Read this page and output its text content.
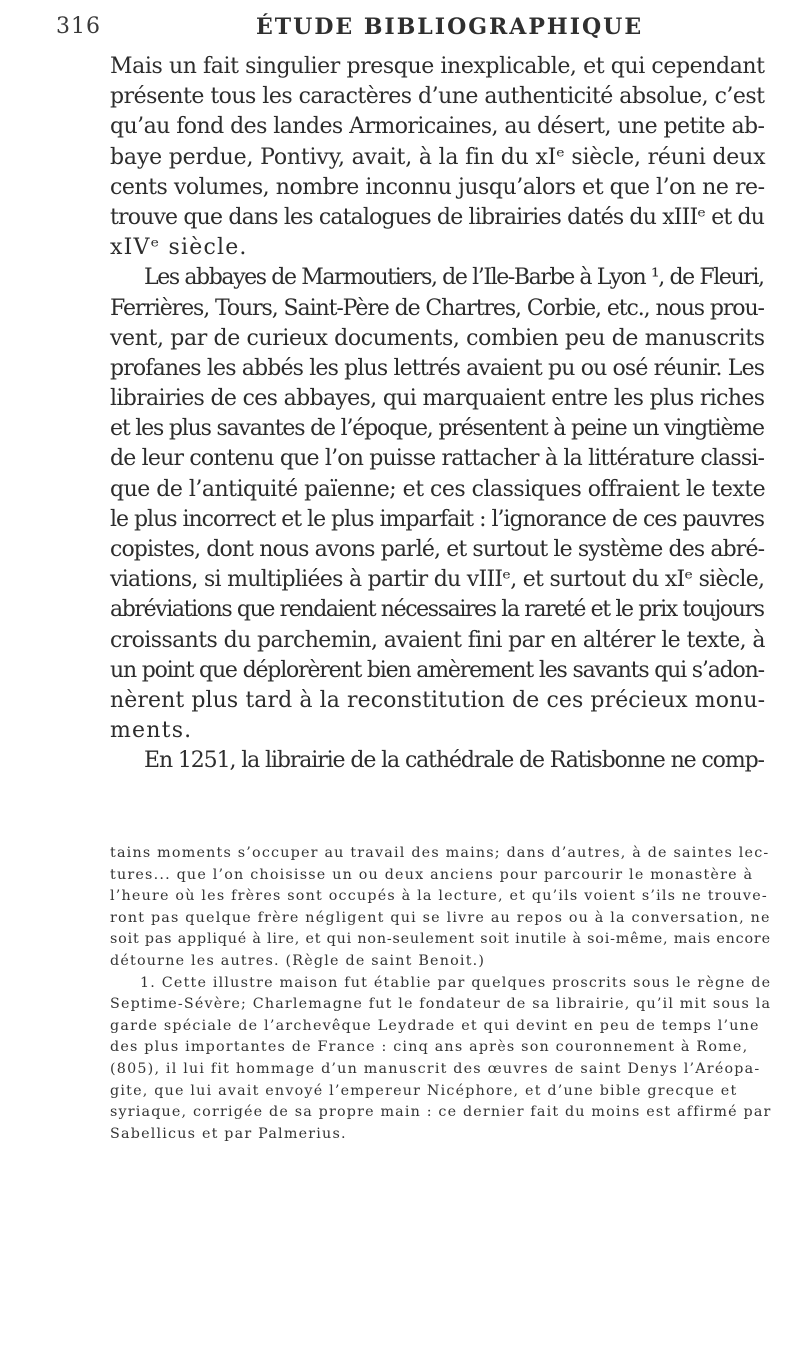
316	ÉTUDE BIBLIOGRAPHIQUE
Mais un fait singulier presque inexplicable, et qui cependant
présente tous les caractères d’une authenticité absolue, c’est
qu’au fond des landes Armoricaines, au désert, une petite ab-
baye perdue, Pontivy, avait, à la fin du xIᵉ siècle, réuni deux
cents volumes, nombre inconnu jusqu’alors et que l’on ne re-
trouve que dans les catalogues de librairies datés du xIIIᵉ et du
xIVᵉ siècle.
Les abbayes de Marmoutiers, de l’Ile-Barbe à Lyon ¹, de Fleuri,
Ferrières, Tours, Saint-Père de Chartres, Corbie, etc., nous prou-
vent, par de curieux documents, combien peu de manuscrits
profanes les abbés les plus lettrés avaient pu ou osé réunir. Les
librairies de ces abbayes, qui marquaient entre les plus riches
et les plus savantes de l’époque, présentent à peine un vingtième
de leur contenu que l’on puisse rattacher à la littérature classi-
que de l’antiquité païenne; et ces classiques offraient le texte
le plus incorrect et le plus imparfait : l’ignorance de ces pauvres
copistes, dont nous avons parlé, et surtout le système des abré-
viations, si multipliées à partir du vIIIᵉ, et surtout du xIᵉ siècle,
abréviations que rendaient nécessaires la rareté et le prix toujours
croissants du parchemin, avaient fini par en altérer le texte, à
un point que déplorèrent bien amèrement les savants qui s’adon-
nèrent plus tard à la reconstitution de ces précieux monu-
ments.
En 1251, la librairie de la cathédrale de Ratisbonne ne comp-
tains moments s’occuper au travail des mains; dans d’autres, à de saintes lec-
tures... que l’on choisisse un ou deux anciens pour parcourir le monastère à
l’heure où les frères sont occupés à la lecture, et qu’ils voient s’ils ne trouve-
ront pas quelque frère négligent qui se livre au repos ou à la conversation, ne
soit pas appliqué à lire, et qui non-seulement soit inutile à soi-même, mais encore
détourne les autres. (Règle de saint Benoit.)
1. Cette illustre maison fut établie par quelques proscrits sous le règne de
Septime-Sévère; Charlemagne fut le fondateur de sa librairie, qu’il mit sous la
garde spéciale de l’archevêque Leydrade et qui devint en peu de temps l’une
des plus importantes de France : cinq ans après son couronnement à Rome,
(805), il lui fit hommage d’un manuscrit des œuvres de saint Denys l’Aréopa-
gite, que lui avait envoyé l’empereur Nicéphore, et d’une bible grecque et
syriaque, corrigée de sa propre main : ce dernier fait du moins est affirmé par
Sabellicus et par Palmerius.
